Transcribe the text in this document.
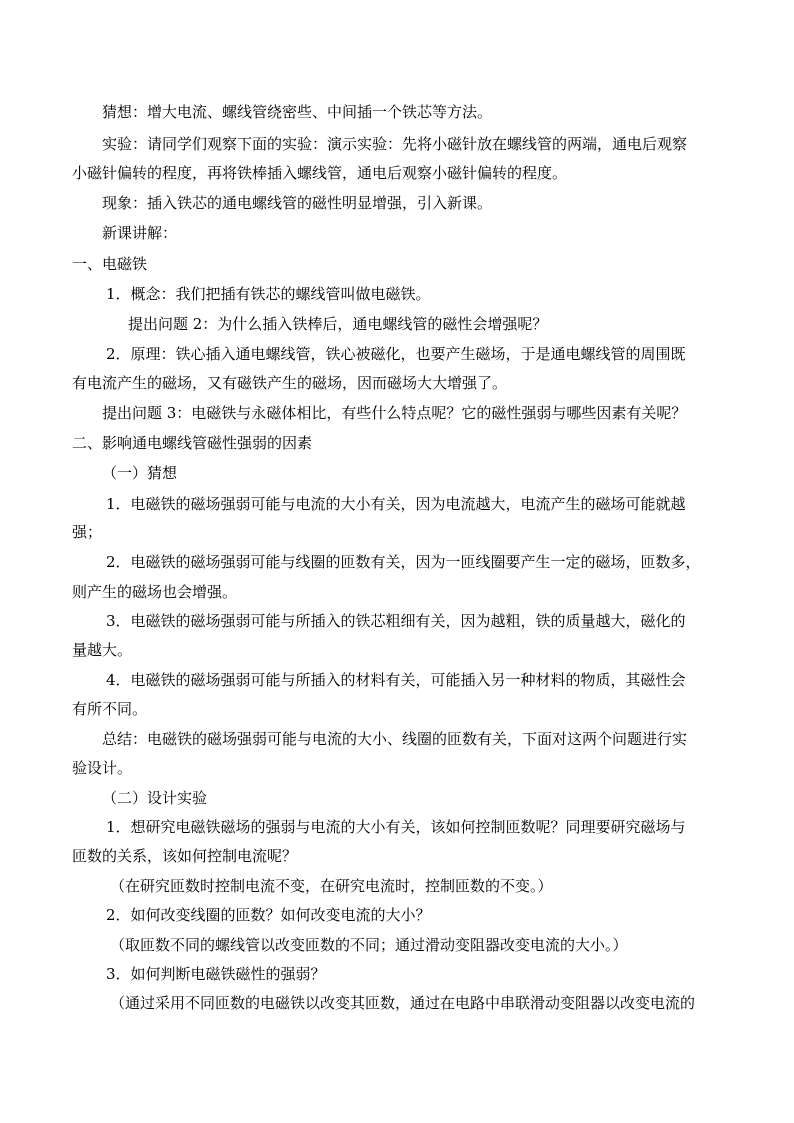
猜想：增大电流、螺线管绕密些、中间插一个铁芯等方法。
实验：请同学们观察下面的实验：演示实验：先将小磁针放在螺线管的两端，通电后观察
小磁针偏转的程度，再将铁棒插入螺线管，通电后观察小磁针偏转的程度。
现象：插入铁芯的通电螺线管的磁性明显增强，引入新课。
新课讲解：
一、电磁铁
1．概念：我们把插有铁芯的螺线管叫做电磁铁。
提出问题 2：为什么插入铁棒后，通电螺线管的磁性会增强呢？
2．原理：铁心插入通电螺线管，铁心被磁化，也要产生磁场，于是通电螺线管的周围既
有电流产生的磁场，又有磁铁产生的磁场，因而磁场大大增强了。
提出问题 3：电磁铁与永磁体相比，有些什么特点呢？它的磁性强弱与哪些因素有关呢？
二、影响通电螺线管磁性强弱的因素
（一）猜想
1．电磁铁的磁场强弱可能与电流的大小有关，因为电流越大，电流产生的磁场可能就越
强；
2．电磁铁的磁场强弱可能与线圈的匝数有关，因为一匝线圈要产生一定的磁场，匝数多，
则产生的磁场也会增强。
3．电磁铁的磁场强弱可能与所插入的铁芯粗细有关，因为越粗，铁的质量越大，磁化的
量越大。
4．电磁铁的磁场强弱可能与所插入的材料有关，可能插入另一种材料的物质，其磁性会
有所不同。
总结：电磁铁的磁场强弱可能与电流的大小、线圈的匝数有关，下面对这两个问题进行实
验设计。
（二）设计实验
1．想研究电磁铁磁场的强弱与电流的大小有关，该如何控制匝数呢？同理要研究磁场与
匝数的关系，该如何控制电流呢？
（在研究匝数时控制电流不变，在研究电流时，控制匝数的不变。）
2．如何改变线圈的匝数？如何改变电流的大小？
（取匝数不同的螺线管以改变匝数的不同；通过滑动变阻器改变电流的大小。）
3．如何判断电磁铁磁性的强弱？
（通过采用不同匝数的电磁铁以改变其匝数，通过在电路中串联滑动变阻器以改变电流的
